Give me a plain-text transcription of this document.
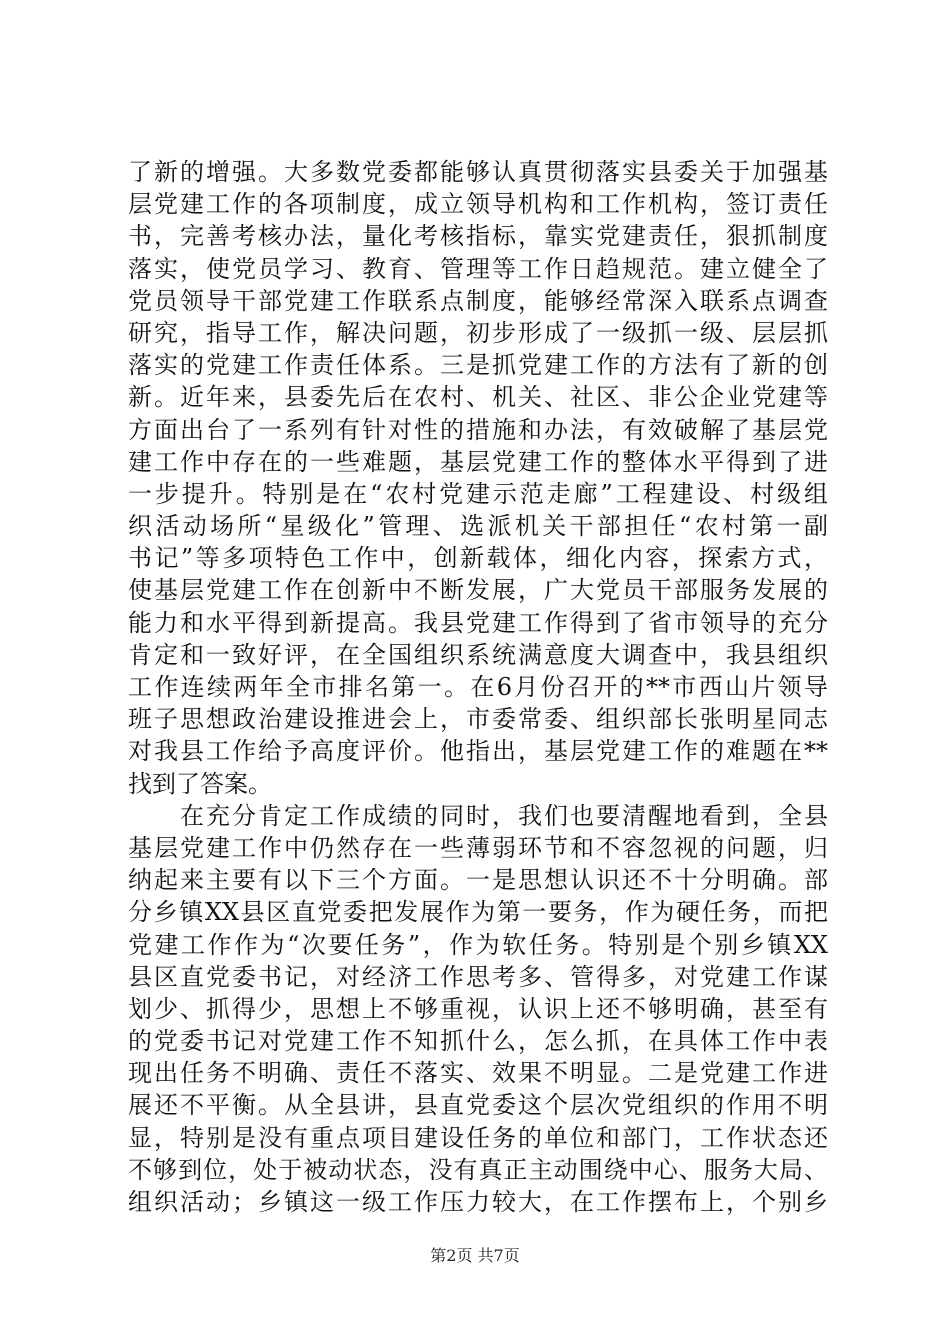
了新的增强。大多数党委都能够认真贯彻落实县委关于加强基
层党建工作的各项制度，成立领导机构和工作机构，签订责任
书，完善考核办法，量化考核指标，靠实党建责任，狠抓制度
落实，使党员学习、教育、管理等工作日趋规范。建立健全了
党员领导干部党建工作联系点制度，能够经常深入联系点调查
研究，指导工作，解决问题，初步形成了一级抓一级、层层抓
落实的党建工作责任体系。三是抓党建工作的方法有了新的创
新。近年来，县委先后在农村、机关、社区、非公企业党建等
方面出台了一系列有针对性的措施和办法，有效破解了基层党
建工作中存在的一些难题，基层党建工作的整体水平得到了进
一步提升。特别是在“农村党建示范走廊”工程建设、村级组
织活动场所“星级化”管理、选派机关干部担任“农村第一副
书记”等多项特色工作中，创新载体，细化内容，探索方式，
使基层党建工作在创新中不断发展，广大党员干部服务发展的
能力和水平得到新提高。我县党建工作得到了省市领导的充分
肯定和一致好评，在全国组织系统满意度大调查中，我县组织
工作连续两年全市排名第一。在6月份召开的**市西山片领导
班子思想政治建设推进会上，市委常委、组织部长张明星同志
对我县工作给予高度评价。他指出，基层党建工作的难题在**
找到了答案。
　　在充分肯定工作成绩的同时，我们也要清醒地看到，全县
基层党建工作中仍然存在一些薄弱环节和不容忽视的问题，归
纳起来主要有以下三个方面。一是思想认识还不十分明确。部
分乡镇XX县区直党委把发展作为第一要务，作为硬任务，而把
党建工作作为“次要任务”，作为软任务。特别是个别乡镇XX
县区直党委书记，对经济工作思考多、管得多，对党建工作谋
划少、抓得少，思想上不够重视，认识上还不够明确，甚至有
的党委书记对党建工作不知抓什么，怎么抓，在具体工作中表
现出任务不明确、责任不落实、效果不明显。二是党建工作进
展还不平衡。从全县讲，县直党委这个层次党组织的作用不明
显，特别是没有重点项目建设任务的单位和部门，工作状态还
不够到位，处于被动状态，没有真正主动围绕中心、服务大局、
组织活动；乡镇这一级工作压力较大，在工作摆布上，个别乡
第2页 共7页
